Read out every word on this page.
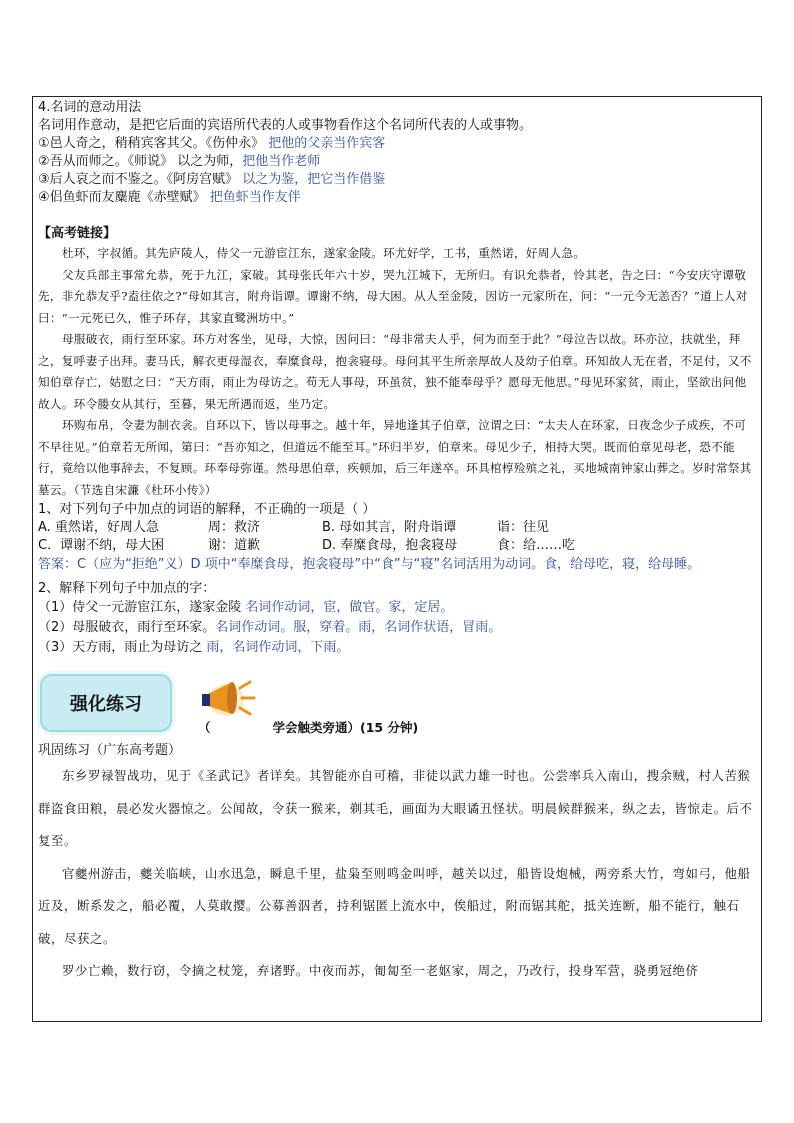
4.名词的意动用法
名词用作意动，是把它后面的宾语所代表的人或事物看作这个名词所代表的人或事物。
①邑人奇之，稍稍宾客其父。《伤仲永》 把他的父亲当作宾客
②吾从而师之。《师说》 以之为师，把他当作老师
③后人哀之而不鉴之。《阿房宫赋》 以之为鉴，把它当作借鉴
④侣鱼虾而友麋鹿《赤壁赋》 把鱼虾当作友伴
【高考链接】
杜环，字叔循。其先庐陵人，侍父一元游宦江东，遂家金陵。环尤好学，工书，重然诺，好周人急。
父友兵部主事常允恭，死于九江，家破。其母张氏年六十岁，哭九江城下，无所归。有识允恭者，怜其老，告之曰：“今安庆守谭敬先，非允恭友乎?盍往依之?”母如其言，附舟诣谭。谭谢不纳，母大困。从人至金陵，因访一元家所在，问：“一元今无恙否？”道上人对曰：“一元死已久，惟子环存，其家直鹭洲坊中。”
母服破衣，雨行至环家。环方对客坐，见母，大惊，因问曰：“母非常夫人乎，何为而至于此？”母泣告以故。环亦泣，扶就坐，拜之，复呼妻子出拜。妻马氏，解衣更母湿衣，奉糜食母，抱衾寝母。母问其平生所亲厚故人及幼子伯章。环知故人无在者，不足付，又不知伯章存亡，姑慰之曰：“天方雨，雨止为母访之。苟无人事母，环虽贫，独不能奉母乎？愿母无他思。”母见环家贫，雨止，坚欲出问他故人。环令媵女从其行，至暮，果无所遇而返，坐乃定。
环购布帛，令妻为制衣衾。自环以下，皆以母事之。越十年，异地逢其子伯章，泣谓之曰：“太夫人在环家，日夜念少子成疾，不可不早往见。”伯章若无所闻，第曰：“吾亦知之，但道远不能至耳。”环归半岁，伯章来。母见少子，相持大哭。既而伯章见母老，恐不能行，竟给以他事辞去，不复顾。环奉母弥谨。然母思伯章，疾顿加，后三年遂卒。环具棺椁殓殡之礼，买地城南钟家山葬之。岁时常祭其墓云。（节选自宋濂《杜环小传》）
1、对下列句子中加点的词语的解释，不正确的一项是（ ）
A. 重然诺，好周人急	周：救济	B. 母如其言，附舟诣谭	诣：往见
C．谭谢不纳，母大困	谢：道歉	D. 奉糜食母，抱衾寝母	食：给……吃
答案：C（应为“拒绝”义）D 项中“奉糜食母，抱衾寝母”中“食”与“寝”名词活用为动词。食，给母吃，寝，给母睡。
2、解释下列句子中加点的字：
（1）侍父一元游宦江东，遂家金陵 名词作动词，宦，做官。家，定居。
（2）母服破衣，雨行至环家。名词作动词。服，穿着。雨，名词作状语，冒雨。
（3）天方雨，雨止为母访之 雨，名词作动词，下雨。
强化练习
（	学会触类旁通）(15 分钟)
巩固练习（广东高考题）
东乡罗禄智战功，见于《圣武记》者详矣。其智能亦自可稽，非徒以武力雄一时也。公尝率兵入南山，搜余贼，村人苦猴群盗食田粮，晨必发火器惊之。公闻故，令获一猴来，剃其毛，画面为大眼谲丑怪状。明晨候群猴来，纵之去，皆惊走。后不复至。
官夔州游击，夔关临峡，山水迅急，瞬息千里，盐枭至则鸣金叫呼，越关以过，船皆设炮械，两旁系大竹，弯如弓，他船近及，断系发之，船必覆，人莫敢撄。公募善泅者，持利锯匿上流水中，俟船过，附而锯其舵，抵关连断，船不能行，触石破，尽获之。
罗少亡赖，数行窃，令摘之杖笼，弃诸野。中夜而苏，匍匐至一老妪家，周之，乃改行，投身军营，骁勇冠绝侪
